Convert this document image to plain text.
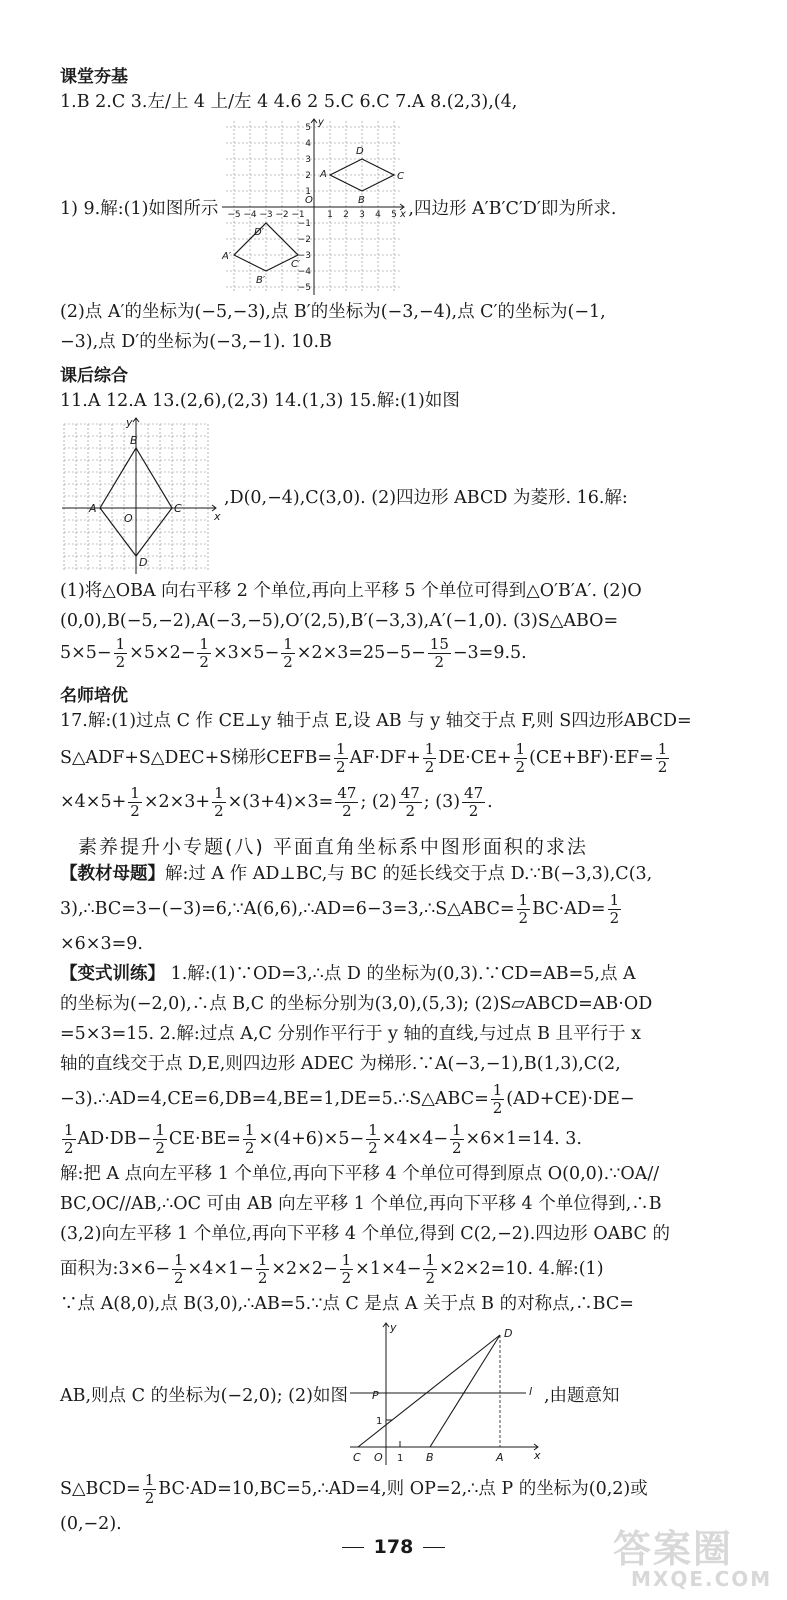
课堂夯基
1.B 2.C 3.左/上 4 上/左 4 4.6 2 5.C 6.C 7.A 8.(2,3),(4,
1) 9.解:(1)如图所示
A
D
C
B
A′
D′
C′
B′
x
y
O
−5 −4 −3 −2 −1 1 2 3 4 5
5
4
3
2
1
−1
−2
−3
−4
−5
,四边形 A′B′C′D′即为所求.
(2)点 A′的坐标为(−5,−3),点 B′的坐标为(−3,−4),点 C′的坐标为(−1,
−3),点 D′的坐标为(−3,−1). 10.B
课后综合
11.A 12.A 13.(2,6),(2,3) 14.(1,3) 15.解:(1)如图
A
B
C
D
O	x
y
,D(0,−4),C(3,0). (2)四边形 ABCD 为菱形. 16.解:
(1)将△OBA 向右平移 2 个单位,再向上平移 5 个单位可得到△O′B′A′. (2)O
(0,0),B(−5,−2),A(−3,−5),O′(2,5),B′(−3,3),A′(−1,0). (3)S△ABO=
$5\times 5- \frac{1}{2} \times 5\times 2- \frac{1}{2} \times 3\times 5- \frac{1}{2} \times 2\times 3=25-5- \frac{15}{2} -3=9.5$.
名师培优
17.解:(1)过点 C 作 CE⊥y 轴于点 E,设 AB 与 y 轴交于点 F,则 S四边形ABCD=
S△ADF+S△DEC+S梯形CEFB= $\frac{1}{2} AF\cdot DF+ \frac{1}{2} DE\cdot CE+ \frac{1}{2} (CE+BF)\cdot EF= \frac{1}{2}$
$\times 4\times 5+ \frac{1}{2} \times 2\times 3+ \frac{1}{2} \times(3+4)\times 3= \frac{47}{2}$ ; $(2) \frac{47}{2}$ ; $(3) \frac{47}{2}$ .
素养提升小专题(八) 平面直角坐标系中图形面积的求法
【教材母题】解:过 A 作 AD⊥BC,与 BC 的延长线交于点 D.∵B(−3,3),C(3,
3),∴BC=3−(−3)=6,∵A(6,6),∴AD=6−3=3,∴S△ABC= $\frac{1}{2} BC\cdot AD= \frac{1}{2}$
×6×3=9.
【变式训练】 1.解:(1)∵OD=3,∴点 D 的坐标为(0,3).∵CD=AB=5,点 A
的坐标为(−2,0),∴点 B,C 的坐标分别为(3,0),(5,3); (2)S▱ABCD=AB·OD
=5×3=15. 2.解:过点 A,C 分别作平行于 y 轴的直线,与过点 B 且平行于 x
轴的直线交于点 D,E,则四边形 ADEC 为梯形.∵A(−3,−1),B(1,3),C(2,
−3).∴AD=4,CE=6,DB=4,BE=1,DE=5.∴S△ABC= $\frac{1}{2} (AD+CE)\cdot DE-$
$\frac{1}{2} AD\cdot DB- \frac{1}{2} CE\cdot BE= \frac{1}{2} \times(4+6)\times 5- \frac{1}{2} \times 4\times 4- \frac{1}{2} \times 6\times 1=14$. 3.
解:把 A 点向左平移 1 个单位,再向下平移 4 个单位可得到原点 O(0,0).∵OA//
BC,OC//AB,∴OC 可由 AB 向左平移 1 个单位,再向下平移 4 个单位得到,∴B
(3,2)向左平移 1 个单位,再向下平移 4 个单位,得到 C(2,−2).四边形 OABC 的
面积为:3×6− $\frac{1}{2} \times 4\times 1- \frac{1}{2} \times 2\times 2- \frac{1}{2} \times 1\times 4- \frac{1}{2} \times 2\times 2=10$. 4.解:(1)
∵点 A(8,0),点 B(3,0),∴AB=5.∵点 C 是点 A 关于点 B 的对称点,∴BC=
AB,则点 C 的坐标为(−2,0); (2)如图
D
P	l
C O	B	A	x
y
1
1
,由题意知
S△BCD= $\frac{1}{2}$ BC·AD=10,BC=5,∴AD=4,则 OP=2,∴点 P 的坐标为(0,2)或
(0,−2).
178	答案圈
MXQE.COM
